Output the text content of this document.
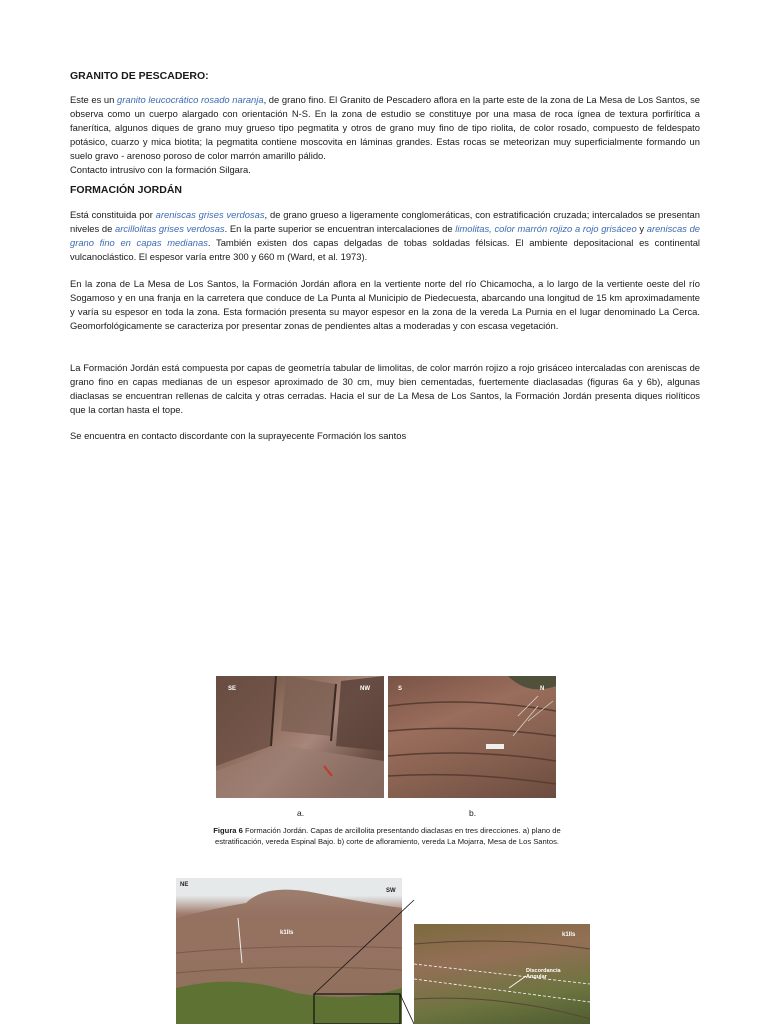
GRANITO DE PESCADERO:

Este es un granito leucocrático rosado naranja, de grano fino. El Granito de Pescadero aflora en la parte este de la zona de La Mesa de Los Santos, se observa como un cuerpo alargado con orientación N-S. En la zona de estudio se constituye por una masa de roca ígnea de textura porfirítica a fanerítica, algunos diques de grano muy grueso tipo pegmatita y otros de grano muy fino de tipo riolita, de color rosado, compuesto de feldespato potásico, cuarzo y mica biotita; la pegmatita contiene moscovita en láminas grandes. Estas rocas se meteorizan muy superficialmente formando un suelo gravo - arenoso poroso de color marrón amarillo pálido.

Contacto intrusivo con la formación Silgara.

FORMACIÓN JORDÁN

Está constituida por areniscas grises verdosas, de grano grueso a ligeramente conglomeráticas, con estratificación cruzada; intercalados se presentan niveles de arcillolitas grises verdosas. En la parte superior se encuentran intercalaciones de limolitas, color marrón rojizo a rojo grisáceo y areniscas de grano fino en capas medianas. También existen dos capas delgadas de tobas soldadas félsicas. El ambiente depositacional es continental vulcanoclástico. El espesor varía entre 300 y 660 m (Ward, et al. 1973).

En la zona de La Mesa de Los Santos, la Formación Jordán aflora en la vertiente norte del río Chicamocha, a lo largo de la vertiente oeste del río Sogamoso y en una franja en la carretera que conduce de La Punta al Municipio de Piedecuesta, abarcando una longitud de 15 km aproximadamente y varía su espesor en toda la zona. Esta formación presenta su mayor espesor en la zona de la vereda La Purnia en el lugar denominado La Cerca. Geomorfológicamente se caracteriza por presentar zonas de pendientes altas a moderadas y con escasa vegetación.

La Formación Jordán está compuesta por capas de geometría tabular de limolitas, de color marrón rojizo a rojo grisáceo intercaladas con areniscas de grano fino en capas medianas de un espesor aproximado de 30 cm, muy bien cementadas, fuertemente diaclasadas (figuras 6a y 6b), algunas diaclasas se encuentran rellenas de calcita y otras cerradas. Hacia el sur de La Mesa de Los Santos, la Formación Jordán presenta diques riolíticos que la cortan hasta el tope.

Se encuentra en contacto discordante con la suprayecente Formación los santos

SE	NW	S	N
a.	b.
Figura 6 Formación Jordán. Capas de arcillolita presentando diaclasas en tres direcciones. a) plano de estratificación, vereda Espinal Bajo. b) corte de afloramiento, vereda La Mojarra, Mesa de Los Santos.
NE
SW
k1lls	k1lls
Discordancia Angular
